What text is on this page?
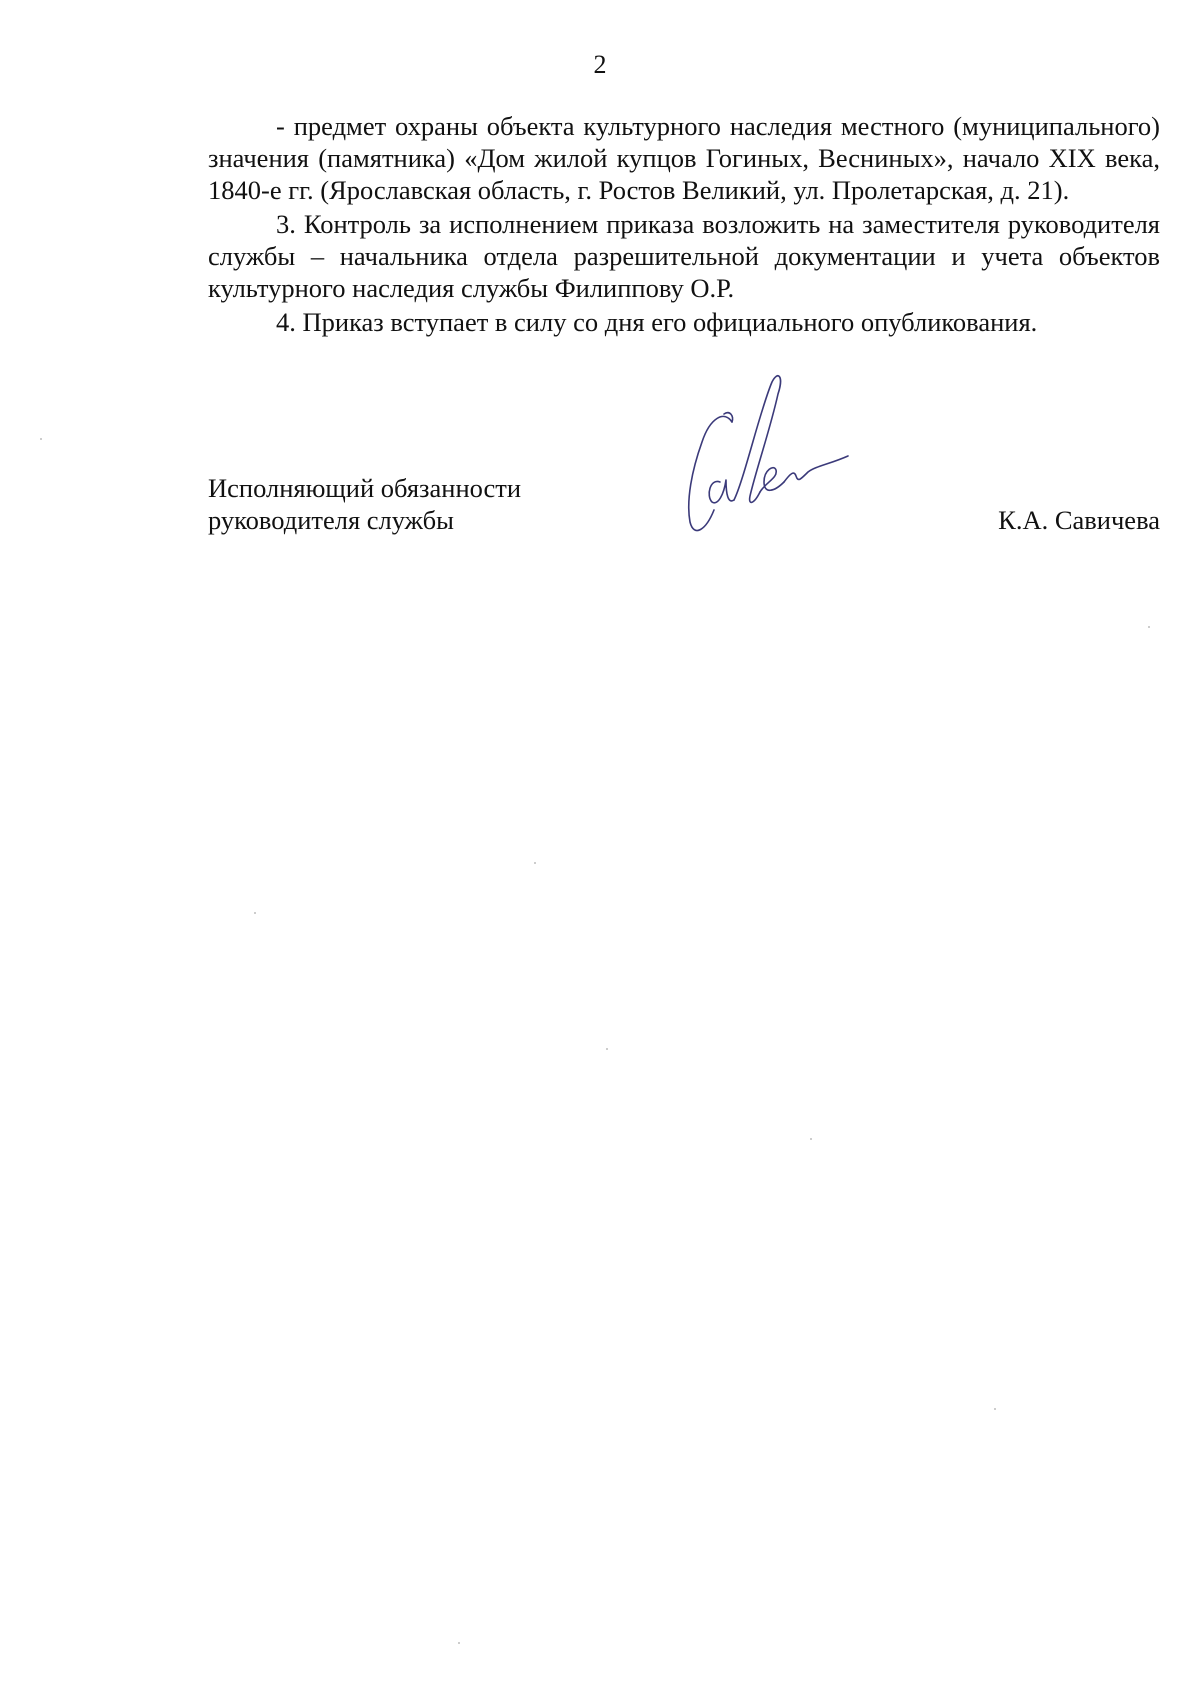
2

- предмет охраны объекта культурного наследия местного (муниципального) значения (памятника) «Дом жилой купцов Гогиных, Весниных», начало XIX века, 1840-е гг. (Ярославская область, г. Ростов Великий, ул. Пролетарская, д. 21).

3. Контроль за исполнением приказа возложить на заместителя руководителя службы – начальника отдела разрешительной документации и учета объектов культурного наследия службы Филиппову О.Р.

4. Приказ вступает в силу со дня его официального опубликования.

Исполняющий обязанности
руководителя службы	К.А. Савичева
